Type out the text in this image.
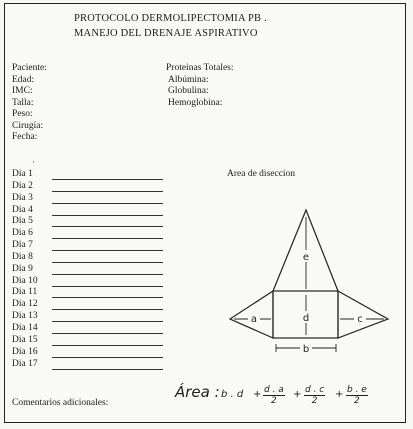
PROTOCOLO DERMOLIPECTOMIA PB .
MANEJO DEL DRENAJE ASPIRATIVO
Paciente:
Edad:
IMC:
Talla:
Peso:
Cirugía:
Fecha:
Proteinas Totales:
Albúmina:
Globulina:
Hemoglobina:
·
Dia 1
Dia 2
Dia 3
Dia 4
Dia 5
Dia 6
Dia 7
Dia 8
Dia 9
Dia 10
Dia 11
Dia 12
Dia 13
Dia 14
Dia 15
Dia 16
Dia 17
Area de diseccion
e
d
a	c
b
Área : b . $d + \frac{d . a}{2} + \frac{d . c}{2} + \frac{b . e}{2}$
Comentarios adicionales:
